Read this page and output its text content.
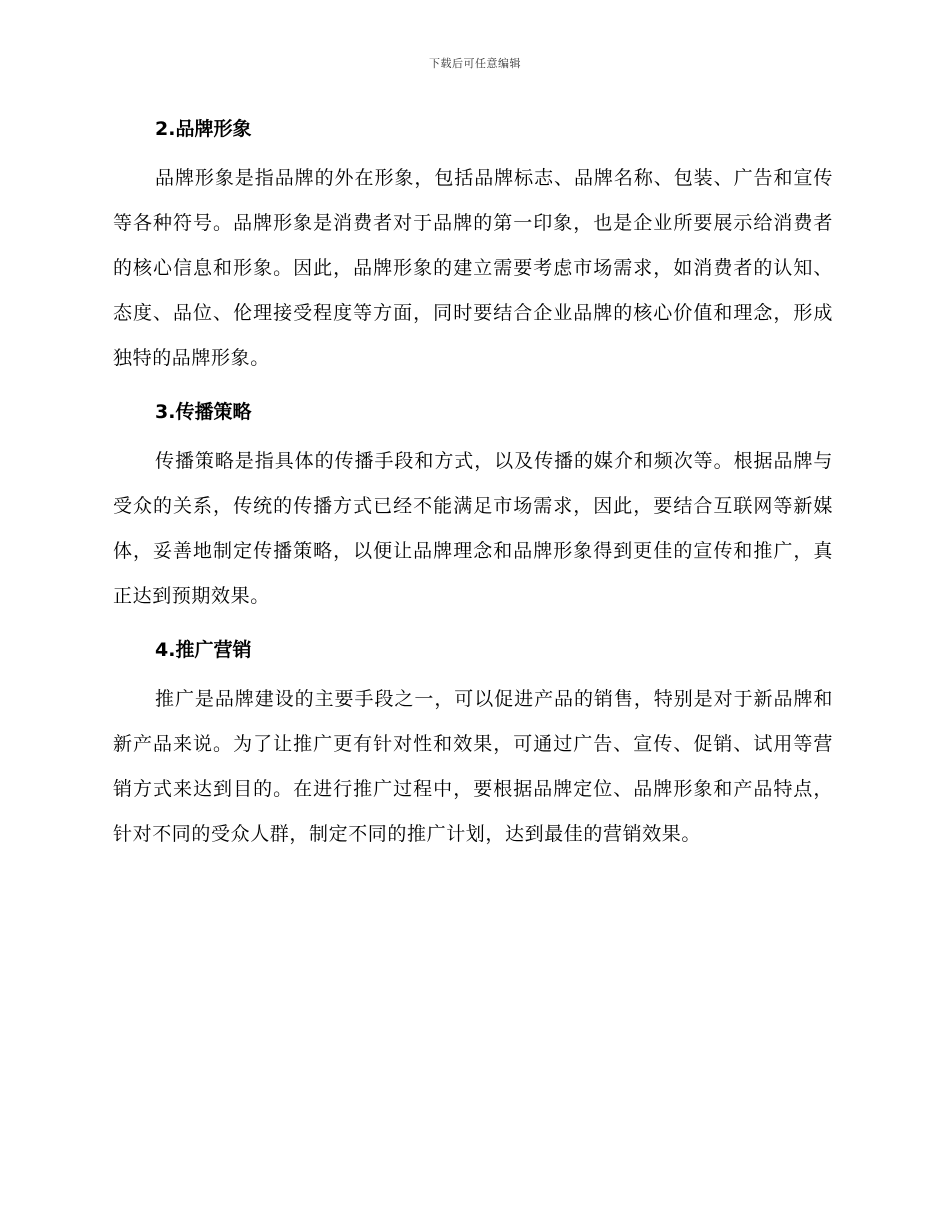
下载后可任意编辑
2.品牌形象

品牌形象是指品牌的外在形象，包括品牌标志、品牌名称、包装、广告和宣传等各种符号。品牌形象是消费者对于品牌的第一印象，也是企业所要展示给消费者的核心信息和形象。因此，品牌形象的建立需要考虑市场需求，如消费者的认知、态度、品位、伦理接受程度等方面，同时要结合企业品牌的核心价值和理念，形成独特的品牌形象。

3.传播策略

传播策略是指具体的传播手段和方式，以及传播的媒介和频次等。根据品牌与受众的关系，传统的传播方式已经不能满足市场需求，因此，要结合互联网等新媒体，妥善地制定传播策略，以便让品牌理念和品牌形象得到更佳的宣传和推广，真正达到预期效果。

4.推广营销

推广是品牌建设的主要手段之一，可以促进产品的销售，特别是对于新品牌和新产品来说。为了让推广更有针对性和效果，可通过广告、宣传、促销、试用等营销方式来达到目的。在进行推广过程中，要根据品牌定位、品牌形象和产品特点，针对不同的受众人群，制定不同的推广计划，达到最佳的营销效果。
